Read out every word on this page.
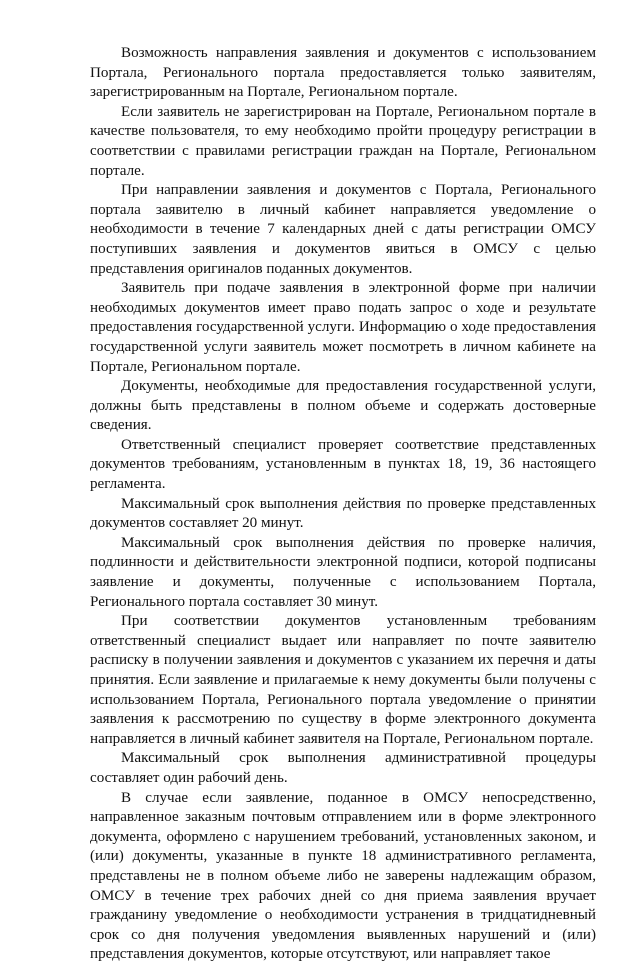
Возможность направления заявления и документов с использованием Портала, Регионального портала предоставляется только заявителям, зарегистрированным на Портале, Региональном портале.

Если заявитель не зарегистрирован на Портале, Региональном портале в качестве пользователя, то ему необходимо пройти процедуру регистрации в соответствии с правилами регистрации граждан на Портале, Региональном портале.

При направлении заявления и документов с Портала, Регионального портала заявителю в личный кабинет направляется уведомление о необходимости в течение 7 календарных дней с даты регистрации ОМСУ поступивших заявления и документов явиться в ОМСУ с целью представления оригиналов поданных документов.

Заявитель при подаче заявления в электронной форме при наличии необходимых документов имеет право подать запрос о ходе и результате предоставления государственной услуги. Информацию о ходе предоставления государственной услуги заявитель может посмотреть в личном кабинете на Портале, Региональном портале.

Документы, необходимые для предоставления государственной услуги, должны быть представлены в полном объеме и содержать достоверные сведения.

Ответственный специалист проверяет соответствие представленных документов требованиям, установленным в пунктах 18, 19, 36 настоящего регламента.

Максимальный срок выполнения действия по проверке представленных документов составляет 20 минут.

Максимальный срок выполнения действия по проверке наличия, подлинности и действительности электронной подписи, которой подписаны заявление и документы, полученные с использованием Портала, Регионального портала составляет 30 минут.

При соответствии документов установленным требованиям ответственный специалист выдает или направляет по почте заявителю расписку в получении заявления и документов с указанием их перечня и даты принятия. Если заявление и прилагаемые к нему документы были получены с использованием Портала, Регионального портала уведомление о принятии заявления к рассмотрению по существу в форме электронного документа направляется в личный кабинет заявителя на Портале, Региональном портале.

Максимальный срок выполнения административной процедуры составляет один рабочий день.

В случае если заявление, поданное в ОМСУ непосредственно, направленное заказным почтовым отправлением или в форме электронного документа, оформлено с нарушением требований, установленных законом, и (или) документы, указанные в пункте 18 административного регламента, представлены не в полном объеме либо не заверены надлежащим образом, ОМСУ в течение трех рабочих дней со дня приема заявления вручает гражданину уведомление о необходимости устранения в тридцатидневный срок со дня получения уведомления выявленных нарушений и (или) представления документов, которые отсутствуют, или направляет такое
